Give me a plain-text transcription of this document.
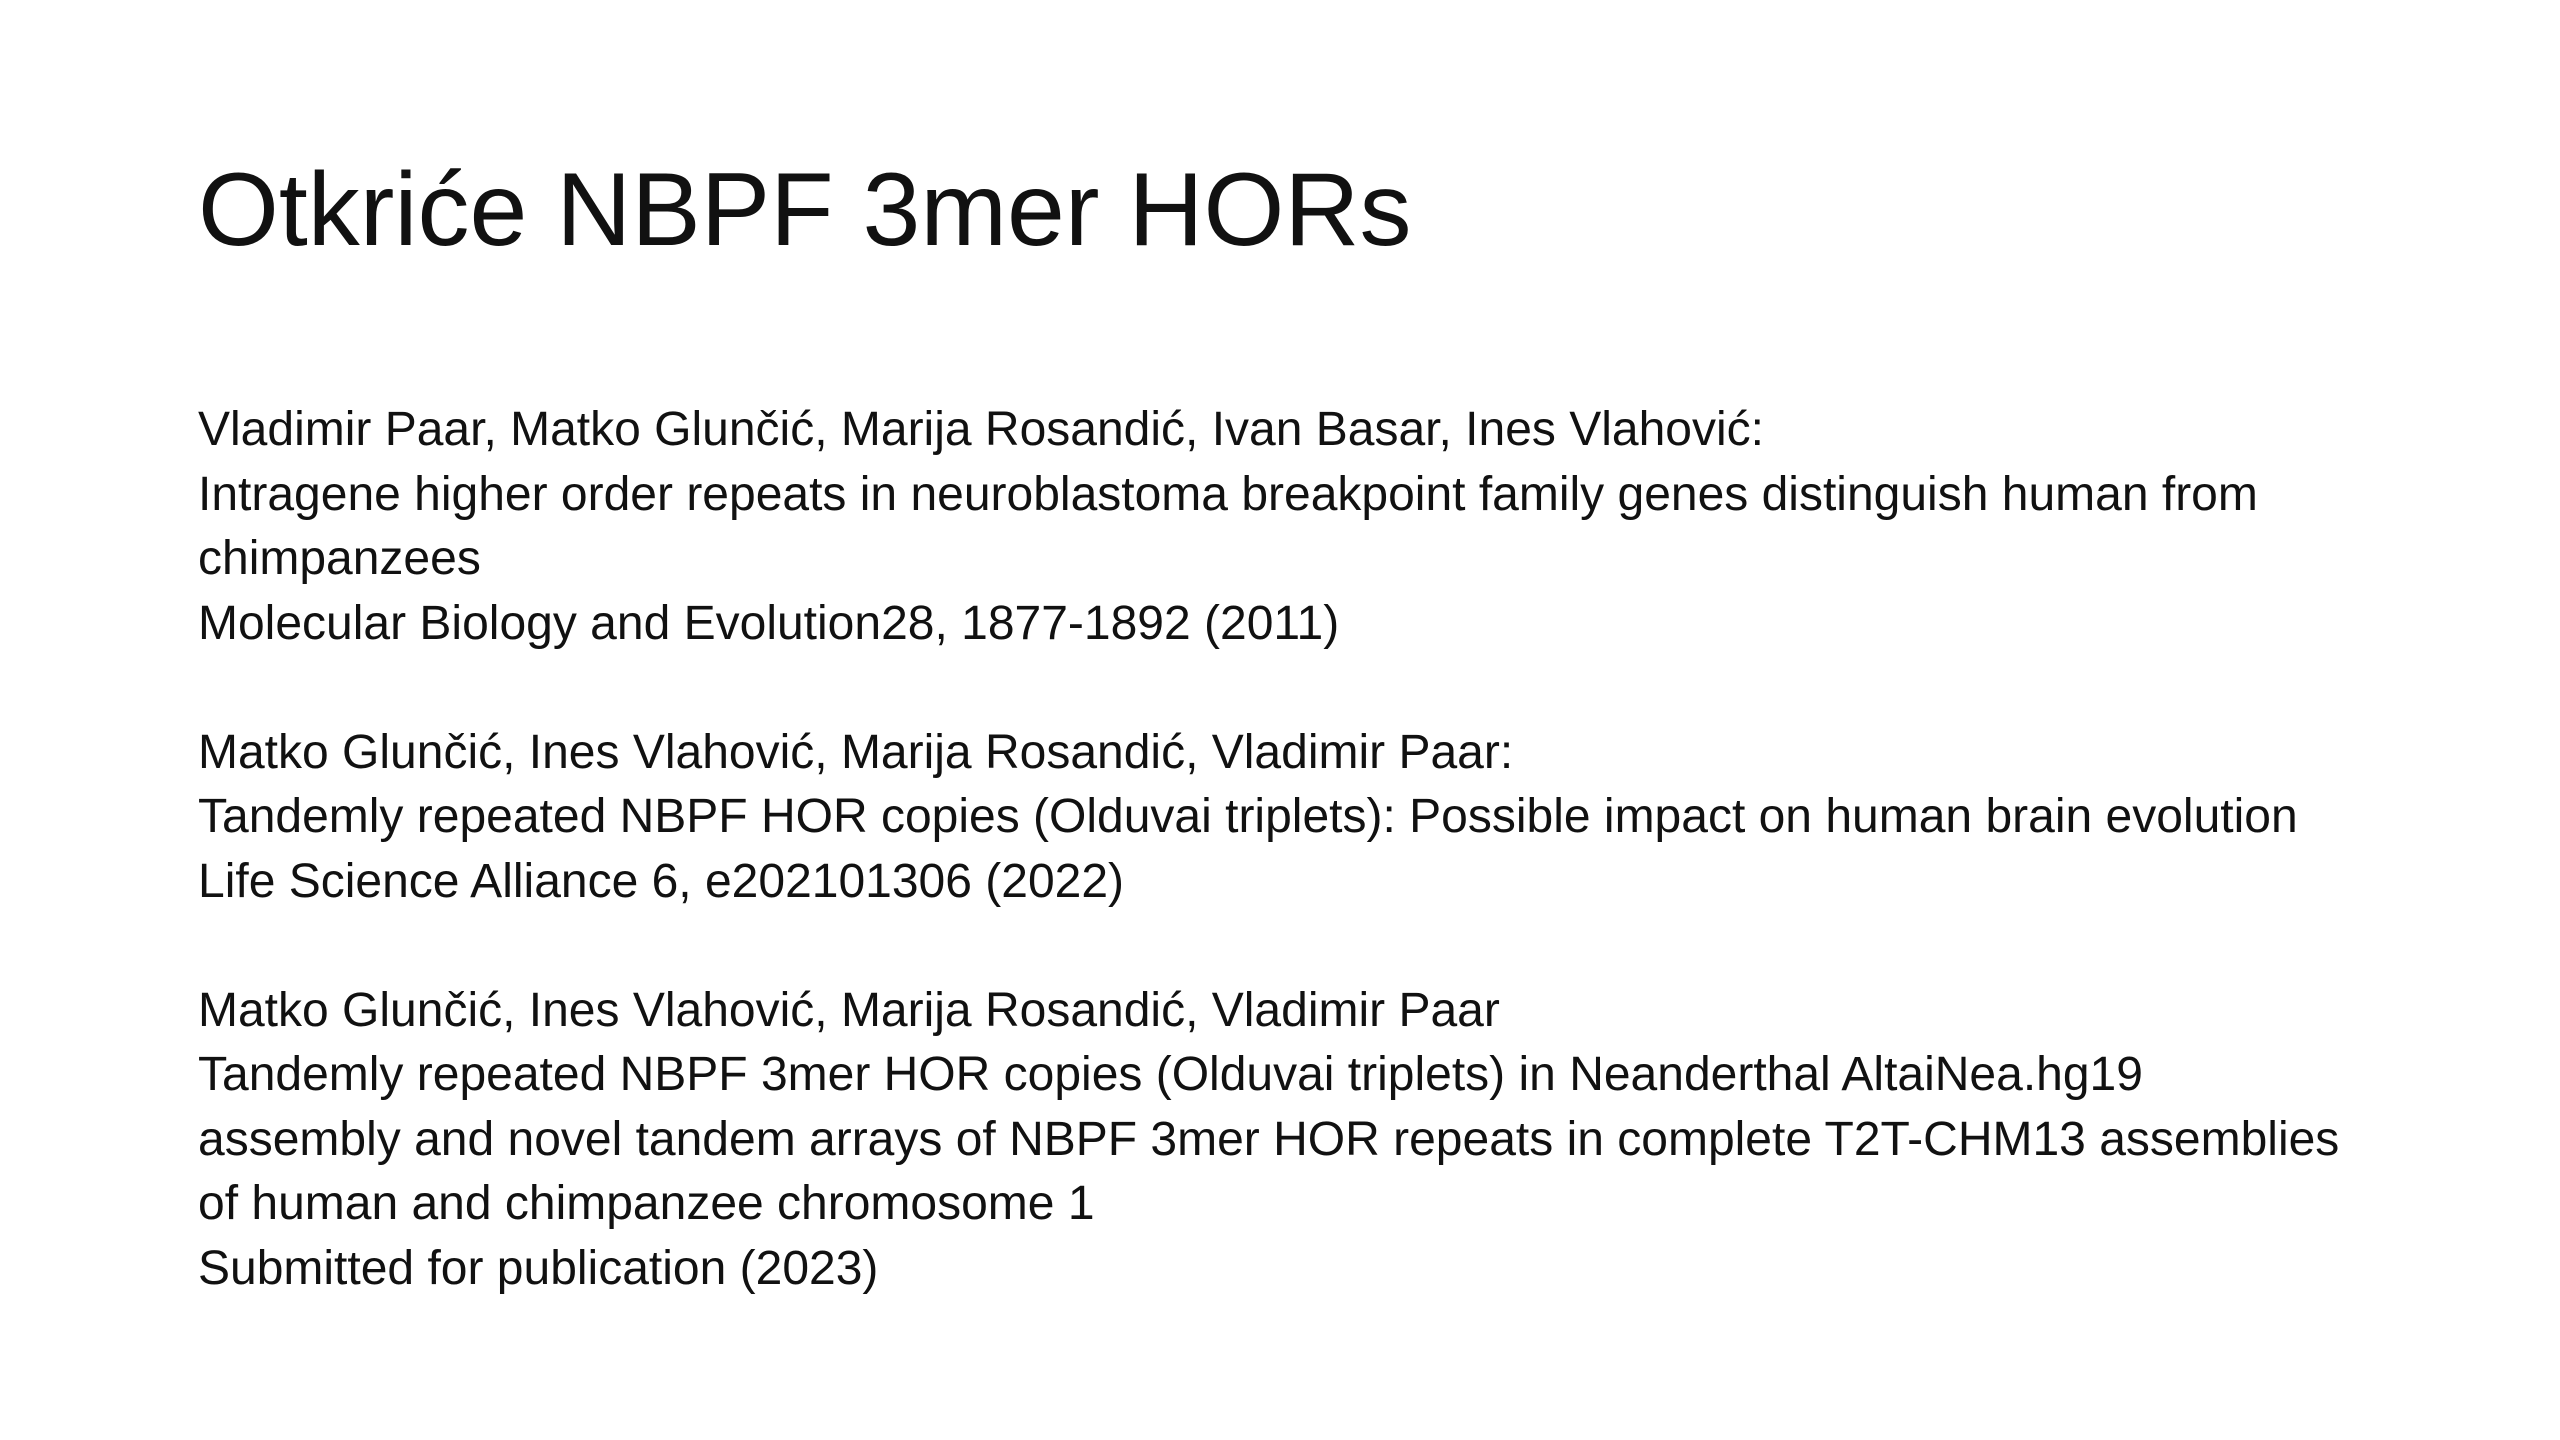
Otkriće NBPF 3mer HORs
Vladimir Paar, Matko Glunčić, Marija Rosandić, Ivan Basar, Ines Vlahović:
Intragene higher order repeats in neuroblastoma breakpoint family genes distinguish human from
chimpanzees
Molecular Biology and Evolution28, 1877-1892 (2011)
Matko Glunčić, Ines Vlahović, Marija Rosandić, Vladimir Paar:
Tandemly repeated NBPF HOR copies (Olduvai triplets): Possible impact on human brain evolution
Life Science Alliance 6, e202101306 (2022)
Matko Glunčić, Ines Vlahović, Marija Rosandić, Vladimir Paar
Tandemly repeated NBPF 3mer HOR copies (Olduvai triplets) in Neanderthal AltaiNea.hg19
assembly and novel tandem arrays of NBPF 3mer HOR repeats in complete T2T-CHM13 assemblies
of human and chimpanzee chromosome 1
Submitted for publication (2023)
